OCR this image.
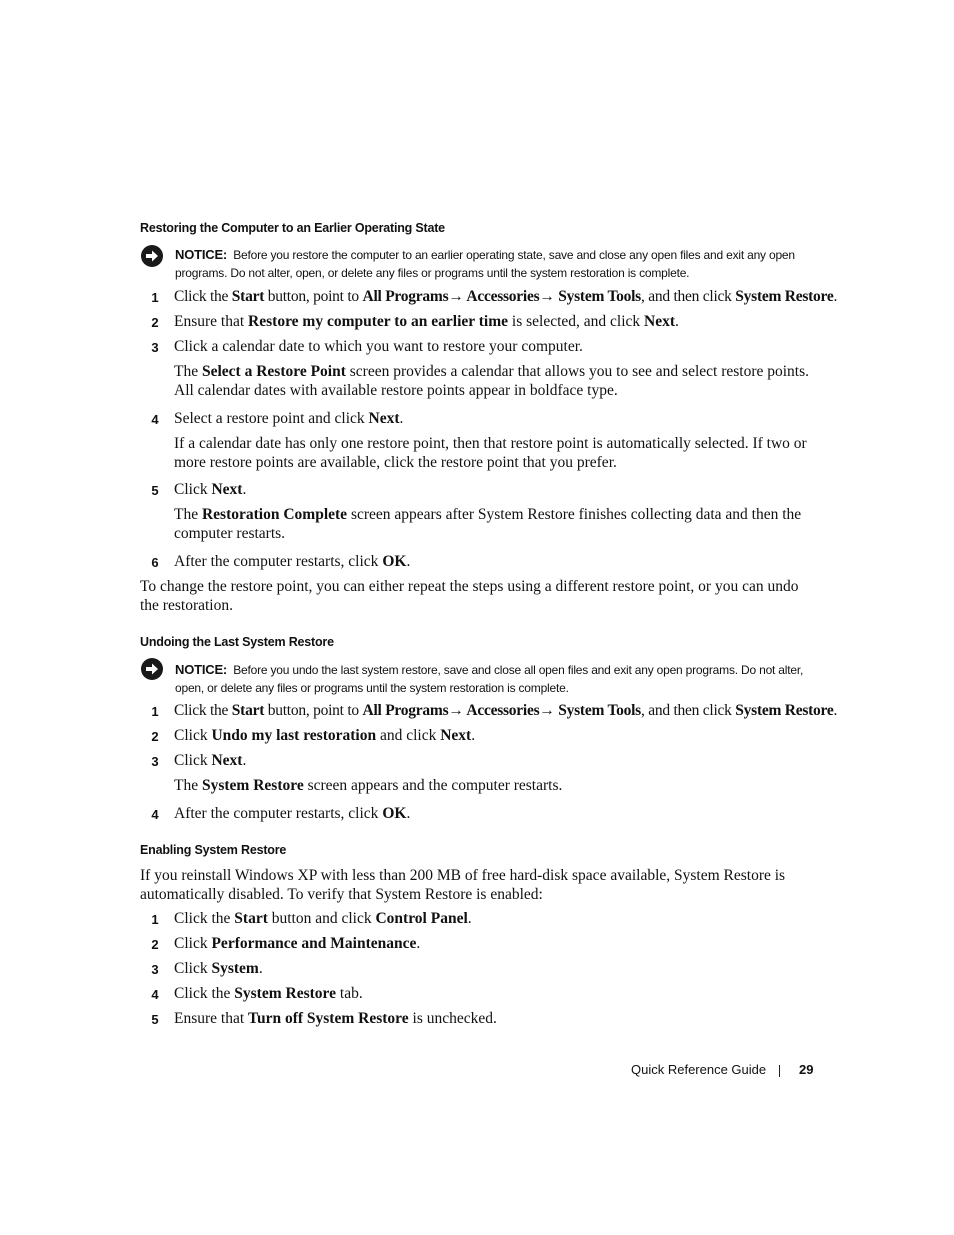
Restoring the Computer to an Earlier Operating State
NOTICE: Before you restore the computer to an earlier operating state, save and close any open files and exit any open programs. Do not alter, open, or delete any files or programs until the system restoration is complete.
1 Click the Start button, point to All Programs→ Accessories→ System Tools, and then click System Restore.
2 Ensure that Restore my computer to an earlier time is selected, and click Next.
3 Click a calendar date to which you want to restore your computer.
The Select a Restore Point screen provides a calendar that allows you to see and select restore points. All calendar dates with available restore points appear in boldface type.
4 Select a restore point and click Next.
If a calendar date has only one restore point, then that restore point is automatically selected. If two or more restore points are available, click the restore point that you prefer.
5 Click Next.
The Restoration Complete screen appears after System Restore finishes collecting data and then the computer restarts.
6 After the computer restarts, click OK.
To change the restore point, you can either repeat the steps using a different restore point, or you can undo the restoration.
Undoing the Last System Restore
NOTICE: Before you undo the last system restore, save and close all open files and exit any open programs. Do not alter, open, or delete any files or programs until the system restoration is complete.
1 Click the Start button, point to All Programs→ Accessories→ System Tools, and then click System Restore.
2 Click Undo my last restoration and click Next.
3 Click Next.
The System Restore screen appears and the computer restarts.
4 After the computer restarts, click OK.
Enabling System Restore
If you reinstall Windows XP with less than 200 MB of free hard-disk space available, System Restore is automatically disabled. To verify that System Restore is enabled:
1 Click the Start button and click Control Panel.
2 Click Performance and Maintenance.
3 Click System.
4 Click the System Restore tab.
5 Ensure that Turn off System Restore is unchecked.
Quick Reference Guide	29
